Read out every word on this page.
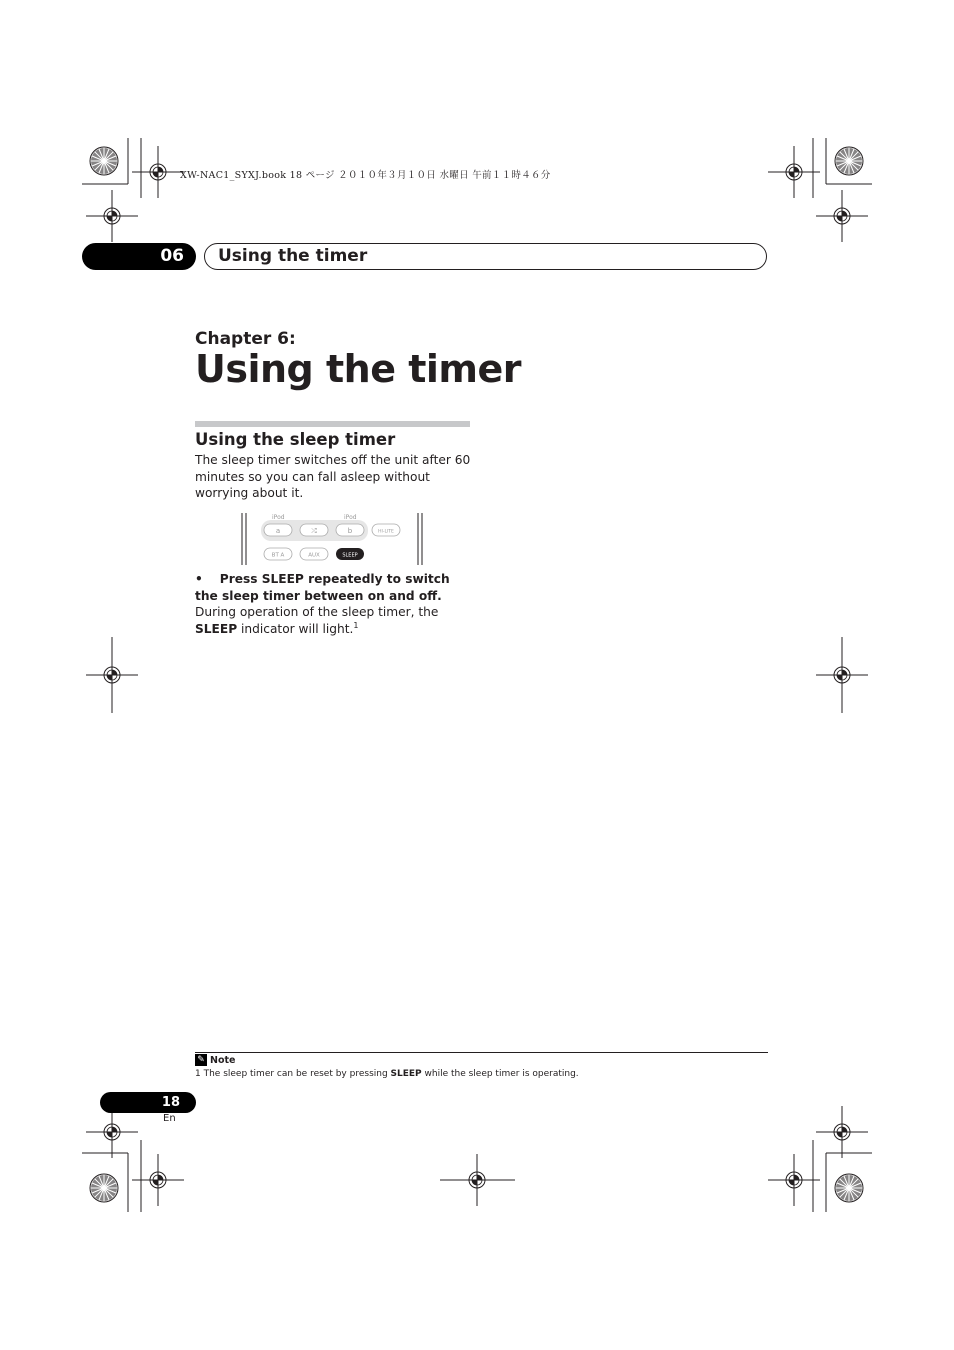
XW-NAC1_SYXJ.book 18 ページ ２０１０年３月１０日 水曜日 午前１１時４６分
06	Using the timer
Chapter 6:
Using the timer
Using the sleep timer
The sleep timer switches off the unit after 60 minutes so you can fall asleep without worrying about it.
iPod	iPod
a	⤮	b	HI-LITE
BT A	AUX	SLEEP
• Press SLEEP repeatedly to switch the sleep timer between on and off.
During operation of the sleep timer, the SLEEP indicator will light.$^1$
✎ Note
1 The sleep timer can be reset by pressing SLEEP while the sleep timer is operating.
18
En
